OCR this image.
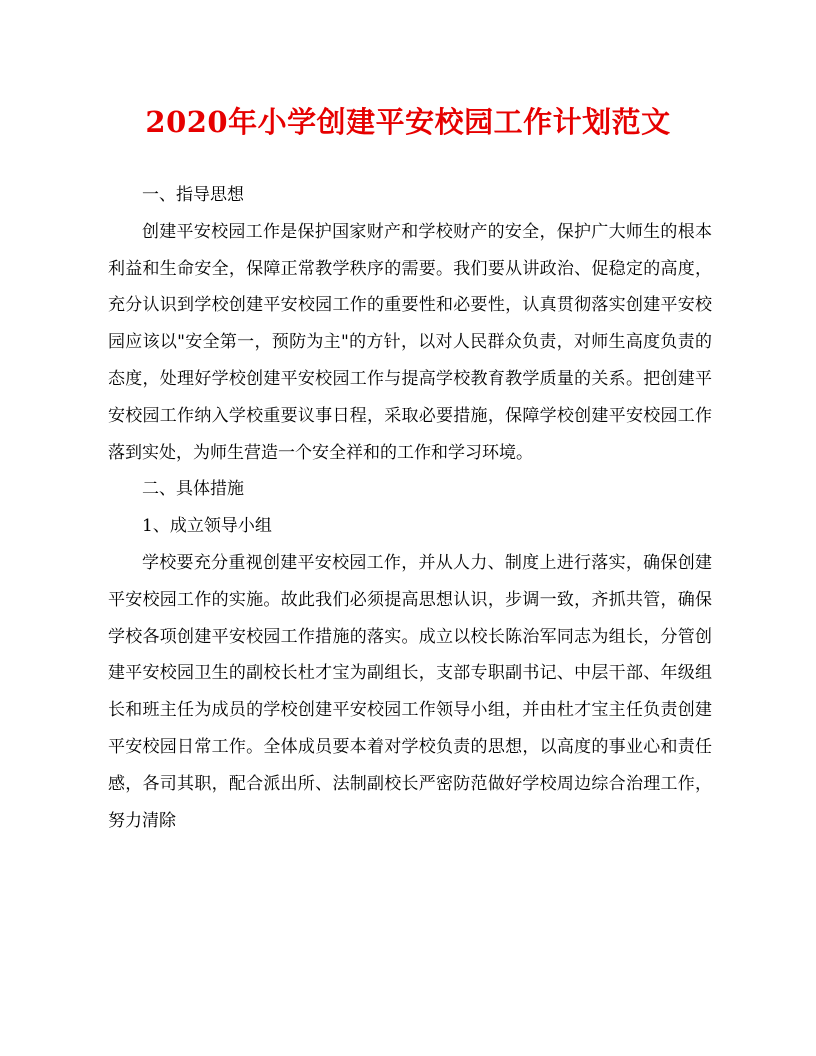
2020年小学创建平安校园工作计划范文

一、指导思想

创建平安校园工作是保护国家财产和学校财产的安全，保护广大师生的根本利益和生命安全，保障正常教学秩序的需要。我们要从讲政治、促稳定的高度，充分认识到学校创建平安校园工作的重要性和必要性，认真贯彻落实创建平安校园应该以"安全第一，预防为主"的方针，以对人民群众负责，对师生高度负责的态度，处理好学校创建平安校园工作与提高学校教育教学质量的关系。把创建平安校园工作纳入学校重要议事日程，采取必要措施，保障学校创建平安校园工作落到实处，为师生营造一个安全祥和的工作和学习环境。

二、具体措施

1、成立领导小组

学校要充分重视创建平安校园工作，并从人力、制度上进行落实，确保创建平安校园工作的实施。故此我们必须提高思想认识，步调一致，齐抓共管，确保学校各项创建平安校园工作措施的落实。成立以校长陈治军同志为组长，分管创建平安校园卫生的副校长杜才宝为副组长，支部专职副书记、中层干部、年级组长和班主任为成员的学校创建平安校园工作领导小组，并由杜才宝主任负责创建平安校园日常工作。全体成员要本着对学校负责的思想，以高度的事业心和责任感，各司其职，配合派出所、法制副校长严密防范做好学校周边综合治理工作，努力清除
